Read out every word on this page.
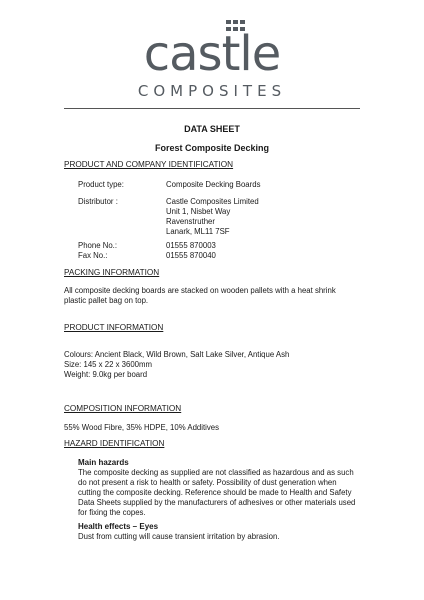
castle
COMPOSITES
DATA SHEET
Forest Composite Decking
PRODUCT AND COMPANY IDENTIFICATION
Product type:	Composite Decking Boards
Distributor :	Castle Composites Limited
Unit 1, Nisbet Way
Ravenstruther
Lanark, ML11 7SF
Phone No.:	01555 870003
Fax No.:	01555 870040
PACKING INFORMATION
All composite decking boards are stacked on wooden pallets with a heat shrink
plastic pallet bag on top.
PRODUCT INFORMATION
Colours: Ancient Black, Wild Brown, Salt Lake Silver, Antique Ash
Size: 145 x 22 x 3600mm
Weight: 9.0kg per board
COMPOSITION INFORMATION
55% Wood Fibre, 35% HDPE, 10% Additives
HAZARD IDENTIFICATION
Main hazards
The composite decking as supplied are not classified as hazardous and as such
do not present a risk to health or safety. Possibility of dust generation when
cutting the composite decking. Reference should be made to Health and Safety
Data Sheets supplied by the manufacturers of adhesives or other materials used
for fixing the copes.
Health effects – Eyes
Dust from cutting will cause transient irritation by abrasion.
